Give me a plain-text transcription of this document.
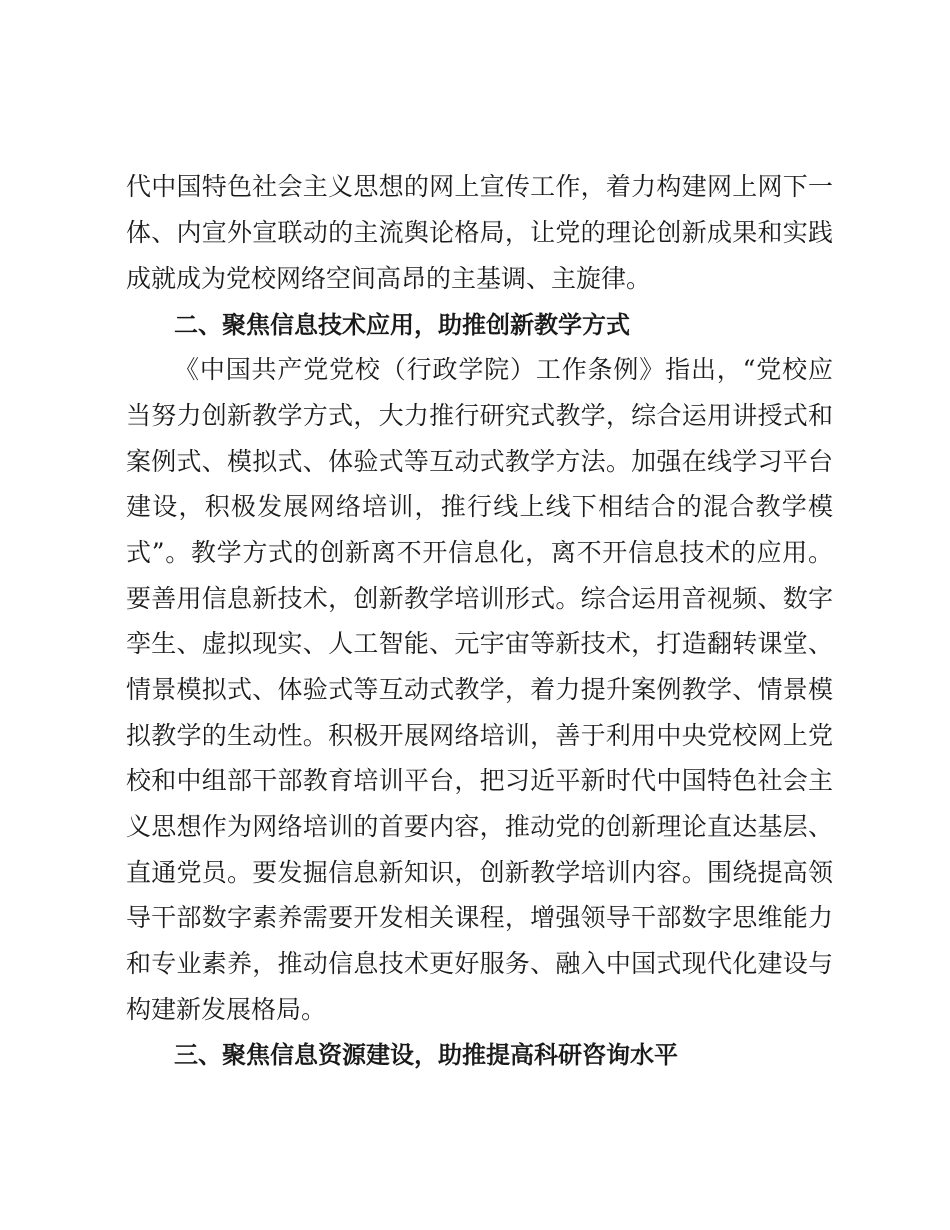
代中国特色社会主义思想的网上宣传工作，着力构建网上网下一
体、内宣外宣联动的主流舆论格局，让党的理论创新成果和实践
成就成为党校网络空间高昂的主基调、主旋律。
二、聚焦信息技术应用，助推创新教学方式
《中国共产党党校（行政学院）工作条例》指出，“党校应
当努力创新教学方式，大力推行研究式教学，综合运用讲授式和
案例式、模拟式、体验式等互动式教学方法。加强在线学习平台
建设，积极发展网络培训，推行线上线下相结合的混合教学模
式”。教学方式的创新离不开信息化，离不开信息技术的应用。
要善用信息新技术，创新教学培训形式。综合运用音视频、数字
孪生、虚拟现实、人工智能、元宇宙等新技术，打造翻转课堂、
情景模拟式、体验式等互动式教学，着力提升案例教学、情景模
拟教学的生动性。积极开展网络培训，善于利用中央党校网上党
校和中组部干部教育培训平台，把习近平新时代中国特色社会主
义思想作为网络培训的首要内容，推动党的创新理论直达基层、
直通党员。要发掘信息新知识，创新教学培训内容。围绕提高领
导干部数字素养需要开发相关课程，增强领导干部数字思维能力
和专业素养，推动信息技术更好服务、融入中国式现代化建设与
构建新发展格局。
三、聚焦信息资源建设，助推提高科研咨询水平
